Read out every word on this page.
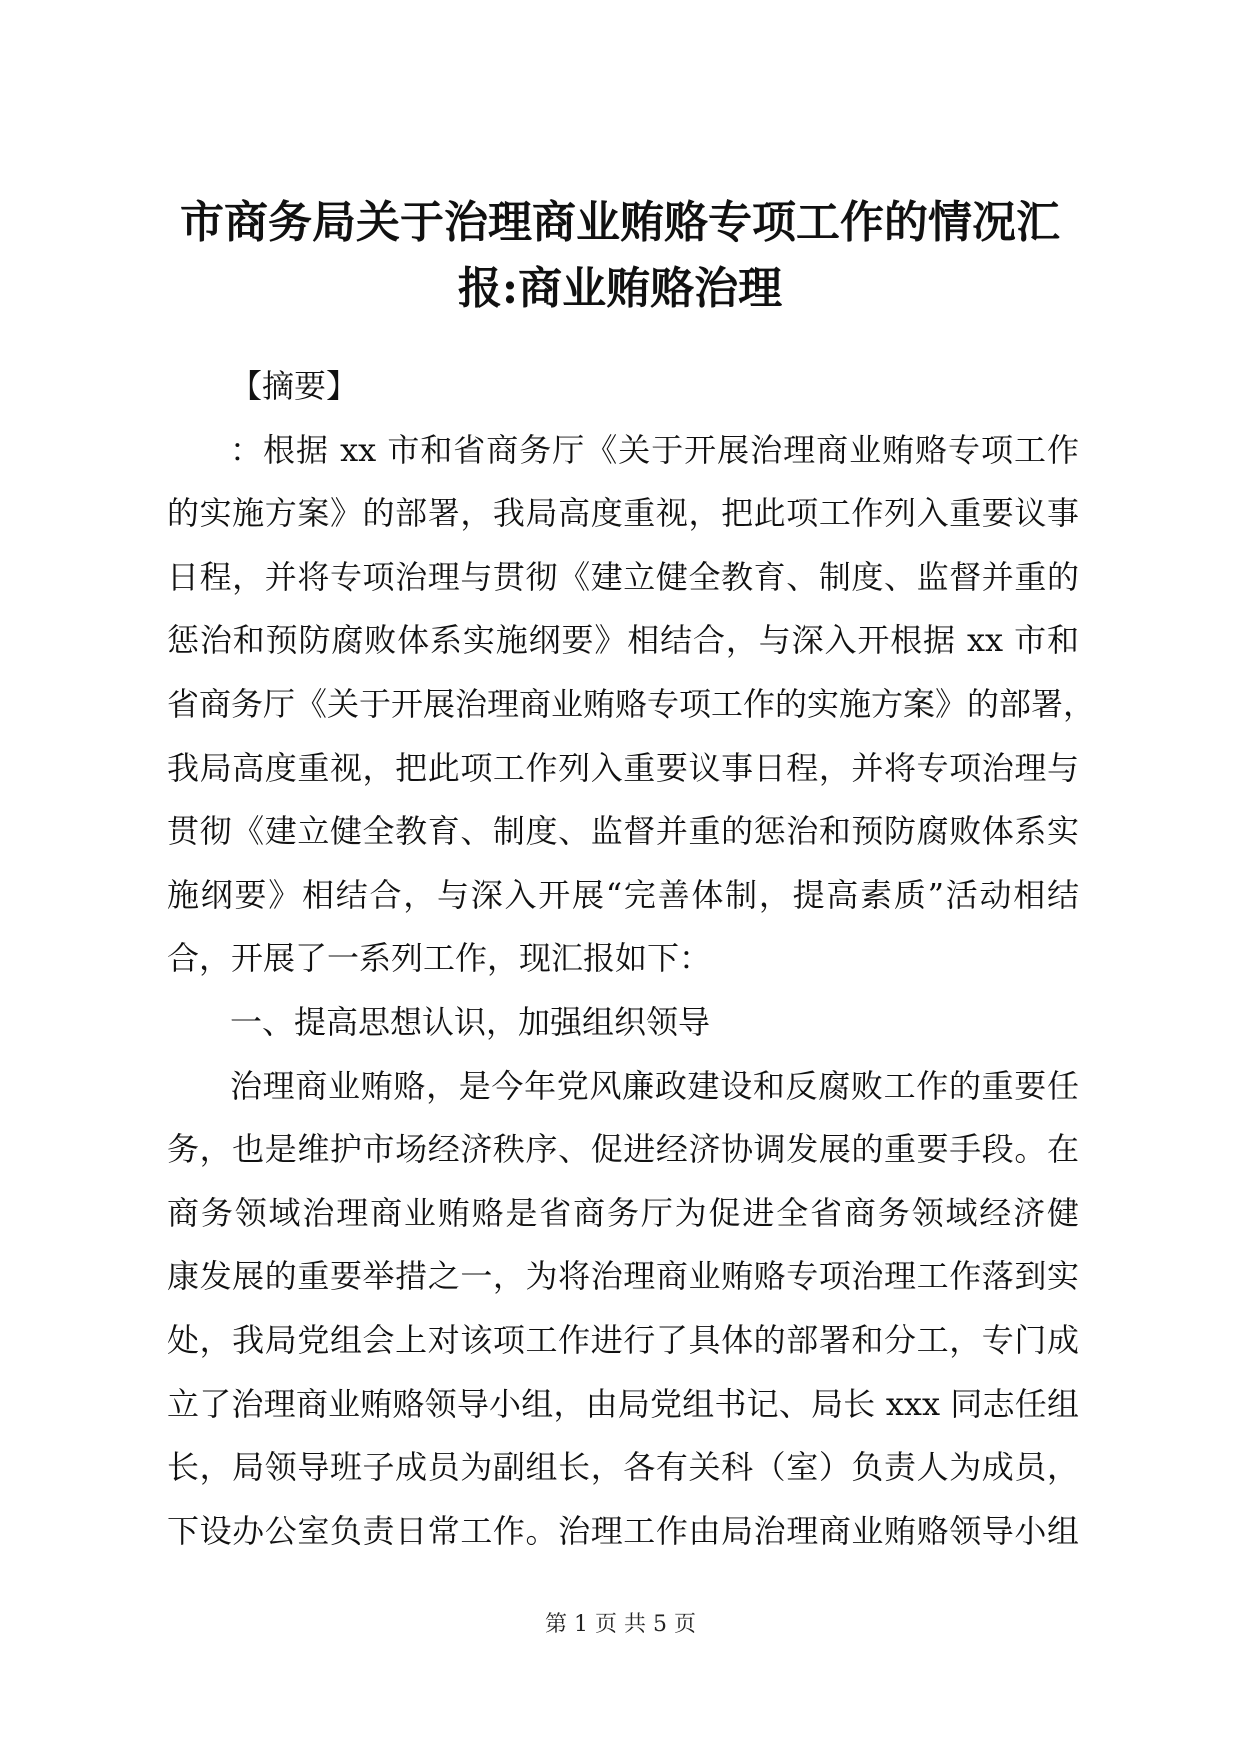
市商务局关于治理商业贿赂专项工作的情况汇
报:商业贿赂治理
【摘要】
：根据 xx 市和省商务厅《关于开展治理商业贿赂专项工作
的实施方案》的部署，我局高度重视，把此项工作列入重要议事
日程，并将专项治理与贯彻《建立健全教育、制度、监督并重的
惩治和预防腐败体系实施纲要》相结合，与深入开根据 xx 市和
省商务厅《关于开展治理商业贿赂专项工作的实施方案》的部署，
我局高度重视，把此项工作列入重要议事日程，并将专项治理与
贯彻《建立健全教育、制度、监督并重的惩治和预防腐败体系实
施纲要》相结合，与深入开展“完善体制，提高素质”活动相结
合，开展了一系列工作，现汇报如下：
一、提高思想认识，加强组织领导
治理商业贿赂，是今年党风廉政建设和反腐败工作的重要任
务，也是维护市场经济秩序、促进经济协调发展的重要手段。在
商务领域治理商业贿赂是省商务厅为促进全省商务领域经济健
康发展的重要举措之一，为将治理商业贿赂专项治理工作落到实
处，我局党组会上对该项工作进行了具体的部署和分工，专门成
立了治理商业贿赂领导小组，由局党组书记、局长 xxx 同志任组
长，局领导班子成员为副组长，各有关科（室）负责人为成员，
下设办公室负责日常工作。治理工作由局治理商业贿赂领导小组
第 1 页 共 5 页
